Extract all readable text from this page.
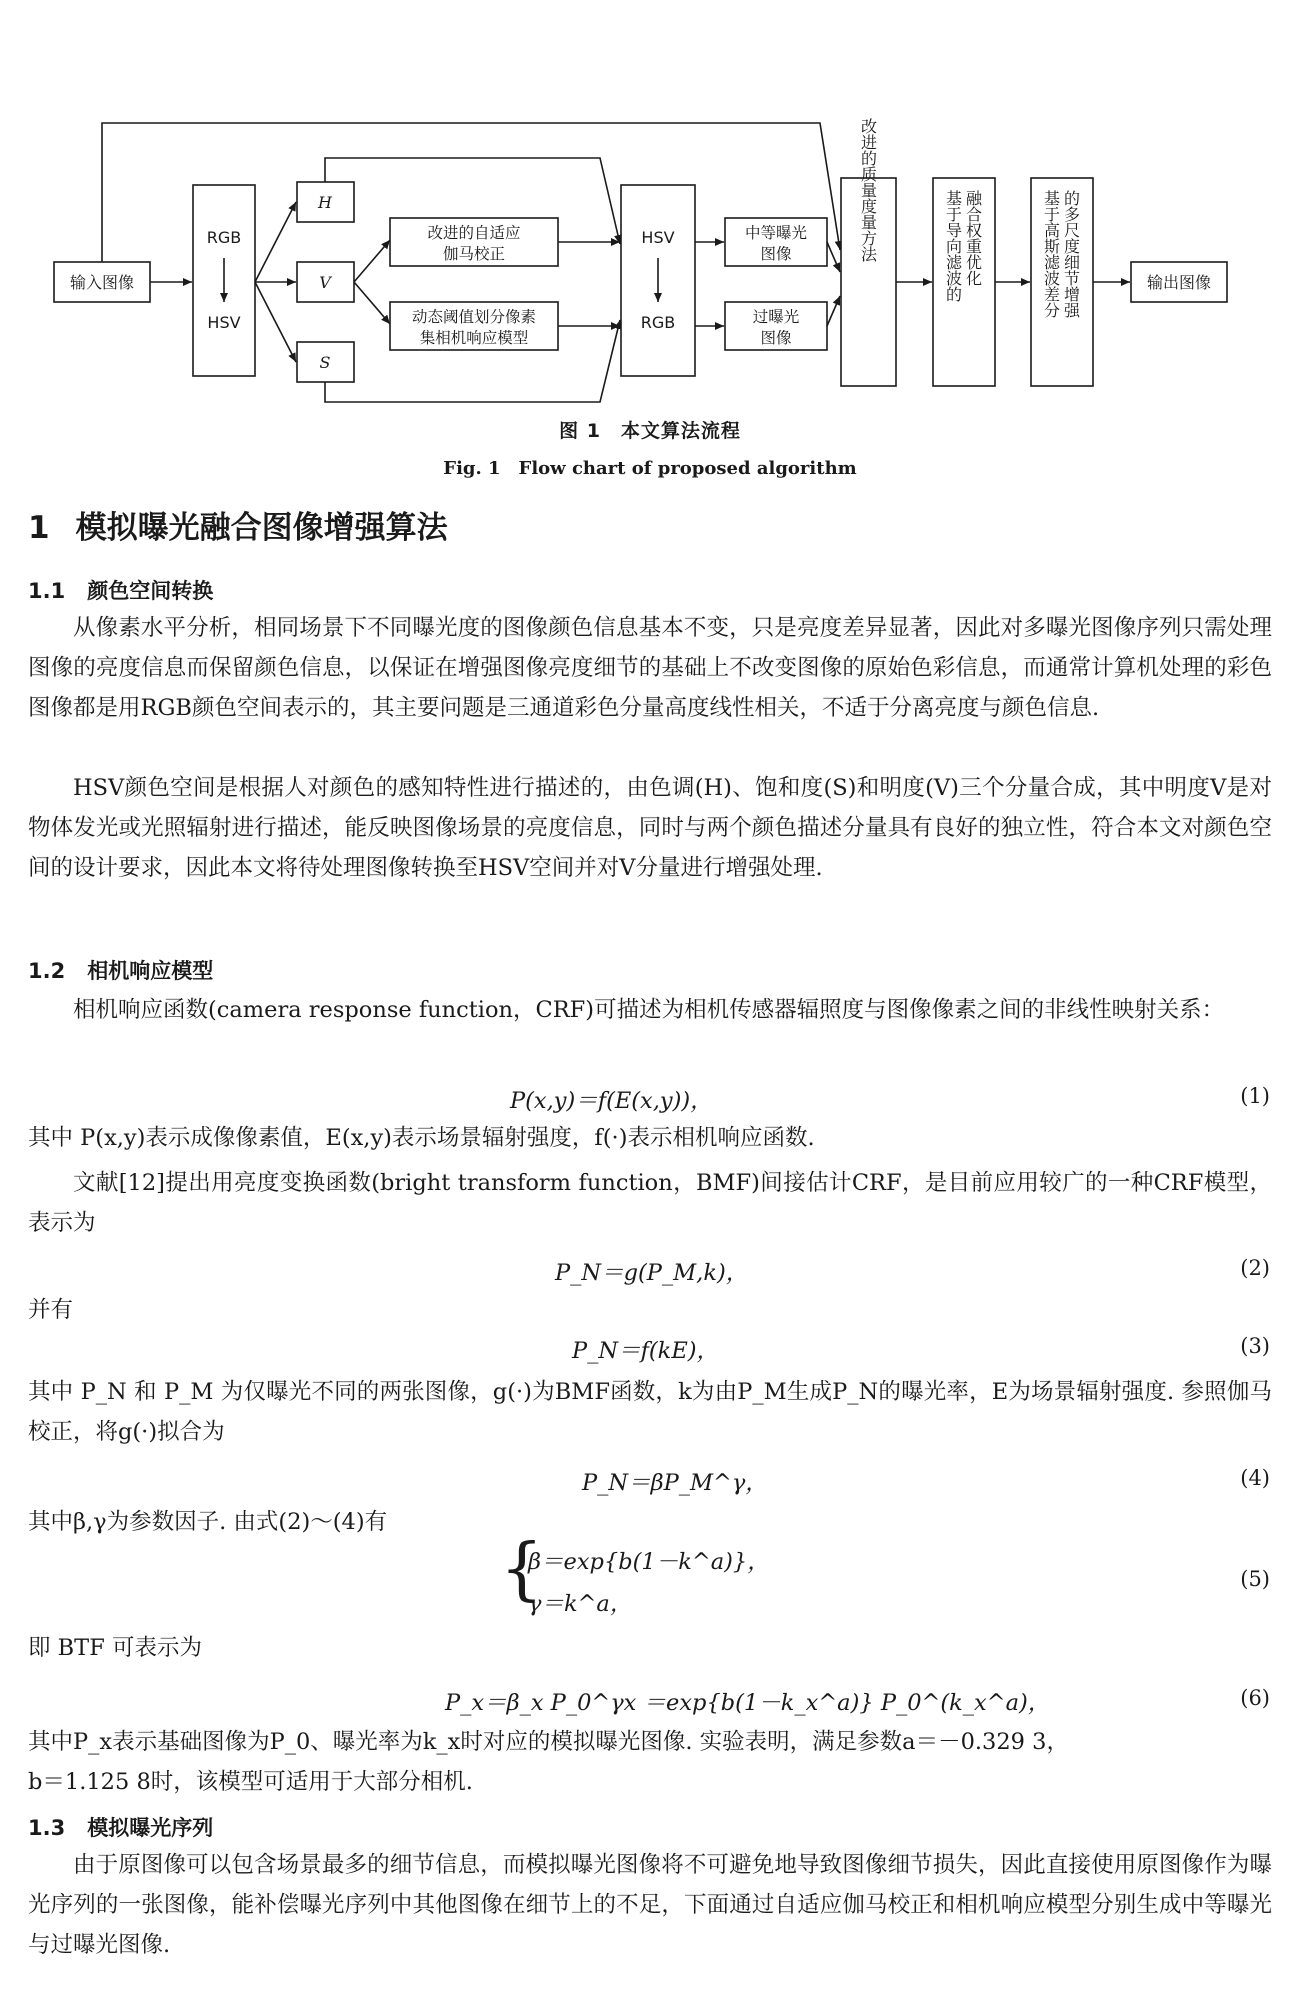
输入图像
RGB
HSV
H
V
S
改进的自适应
伽马校正
动态阈值划分像素
集相机响应模型
HSV
RGB
中等曝光
图像
过曝光
图像
改进的质量度量方法	基于导向滤波的 融合权重优化	基于高斯滤波差分 的多尺度细节增强	输出图像
图 1　本文算法流程
Fig. 1　Flow chart of proposed algorithm
1 模拟曝光融合图像增强算法
1.1 颜色空间转换
从像素水平分析，相同场景下不同曝光度的图像颜色信息基本不变，只是亮度差异显著，因此对多曝光图像序列只需处理图像的亮度信息而保留颜色信息，以保证在增强图像亮度细节的基础上不改变图像的原始色彩信息，而通常计算机处理的彩色图像都是用RGB颜色空间表示的，其主要问题是三通道彩色分量高度线性相关，不适于分离亮度与颜色信息.
HSV颜色空间是根据人对颜色的感知特性进行描述的，由色调(H)、饱和度(S)和明度(V)三个分量合成，其中明度V是对物体发光或光照辐射进行描述，能反映图像场景的亮度信息，同时与两个颜色描述分量具有良好的独立性，符合本文对颜色空间的设计要求，因此本文将待处理图像转换至HSV空间并对V分量进行增强处理.
1.2 相机响应模型
相机响应函数(camera response function，CRF)可描述为相机传感器辐照度与图像像素之间的非线性映射关系：
P(x,y)＝f(E(x,y))，	(1)
其中 P(x,y)表示成像像素值，E(x,y)表示场景辐射强度，f(·)表示相机响应函数.
文献[12]提出用亮度变换函数(bright transform function，BMF)间接估计CRF，是目前应用较广的一种CRF模型，表示为
P_N＝g(P_M,k)，	(2)
并有
P_N＝f(kE)，	(3)
其中 P_N 和 P_M 为仅曝光不同的两张图像，g(·)为BMF函数，k为由P_M生成P_N的曝光率，E为场景辐射强度. 参照伽马校正，将g(·)拟合为
P_N＝βP_M^γ，	(4)
其中β,γ为参数因子. 由式(2)～(4)有
{
β＝exp{b(1－k^a)}，
γ＝k^a，
(5)
即 BTF 可表示为
P_x＝β_x P_0^γx ＝exp{b(1－k_x^a)} P_0^(k_x^a)，	(6)
其中P_x表示基础图像为P_0、曝光率为k_x时对应的模拟曝光图像. 实验表明，满足参数a＝－0.329 3，
b＝1.125 8时，该模型可适用于大部分相机.
1.3 模拟曝光序列
由于原图像可以包含场景最多的细节信息，而模拟曝光图像将不可避免地导致图像细节损失，因此直接使用原图像作为曝光序列的一张图像，能补偿曝光序列中其他图像在细节上的不足，下面通过自适应伽马校正和相机响应模型分别生成中等曝光与过曝光图像.
